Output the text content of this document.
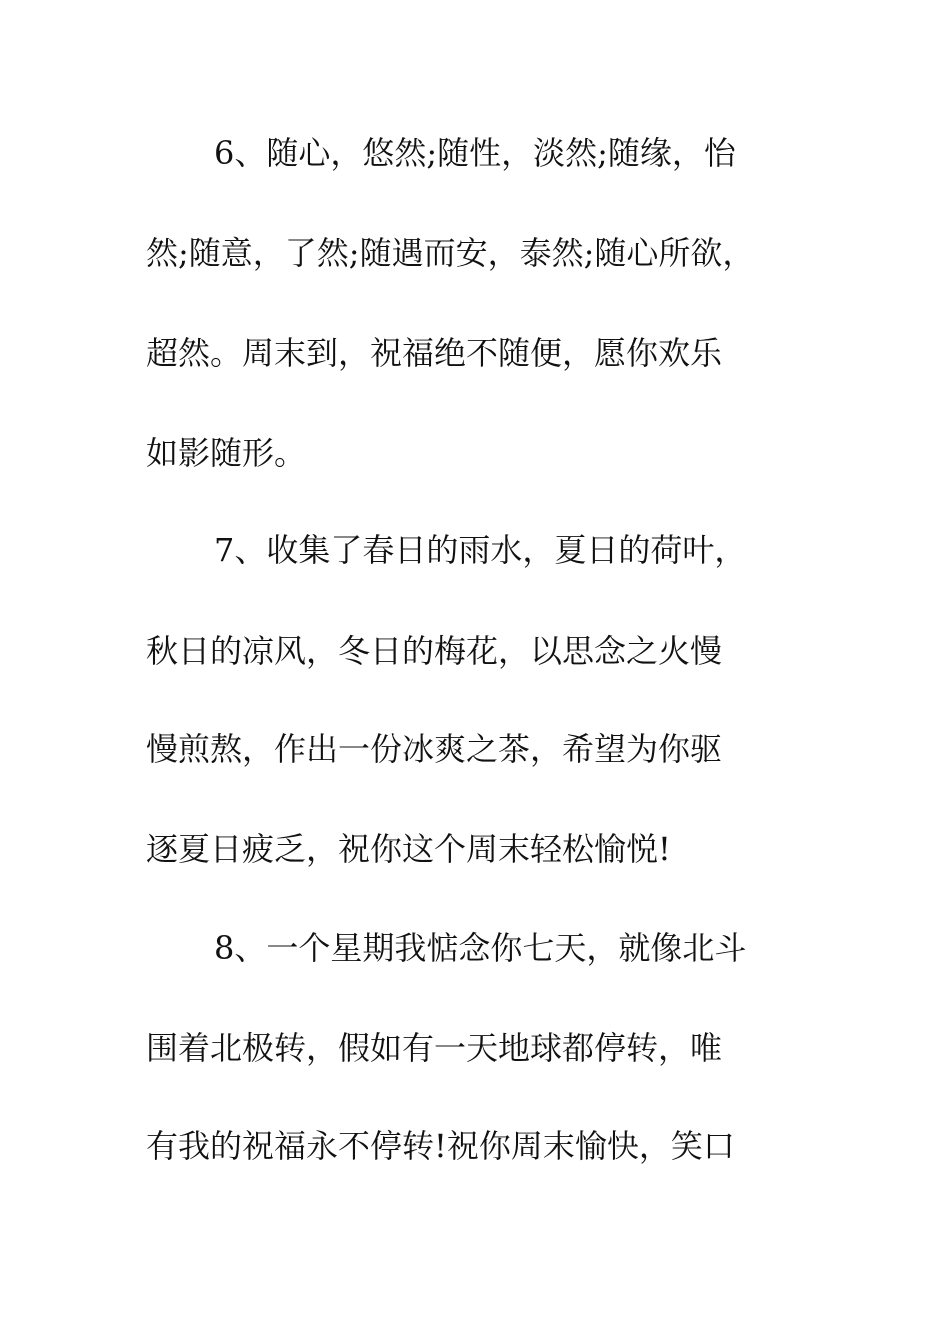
6、随心，悠然;随性，淡然;随缘，怡
然;随意，了然;随遇而安，泰然;随心所欲，
超然。周末到，祝福绝不随便，愿你欢乐
如影随形。
7、收集了春日的雨水，夏日的荷叶，
秋日的凉风，冬日的梅花，以思念之火慢
慢煎熬，作出一份冰爽之茶，希望为你驱
逐夏日疲乏，祝你这个周末轻松愉悦!
8、一个星期我惦念你七天，就像北斗
围着北极转，假如有一天地球都停转，唯
有我的祝福永不停转!祝你周末愉快，笑口
